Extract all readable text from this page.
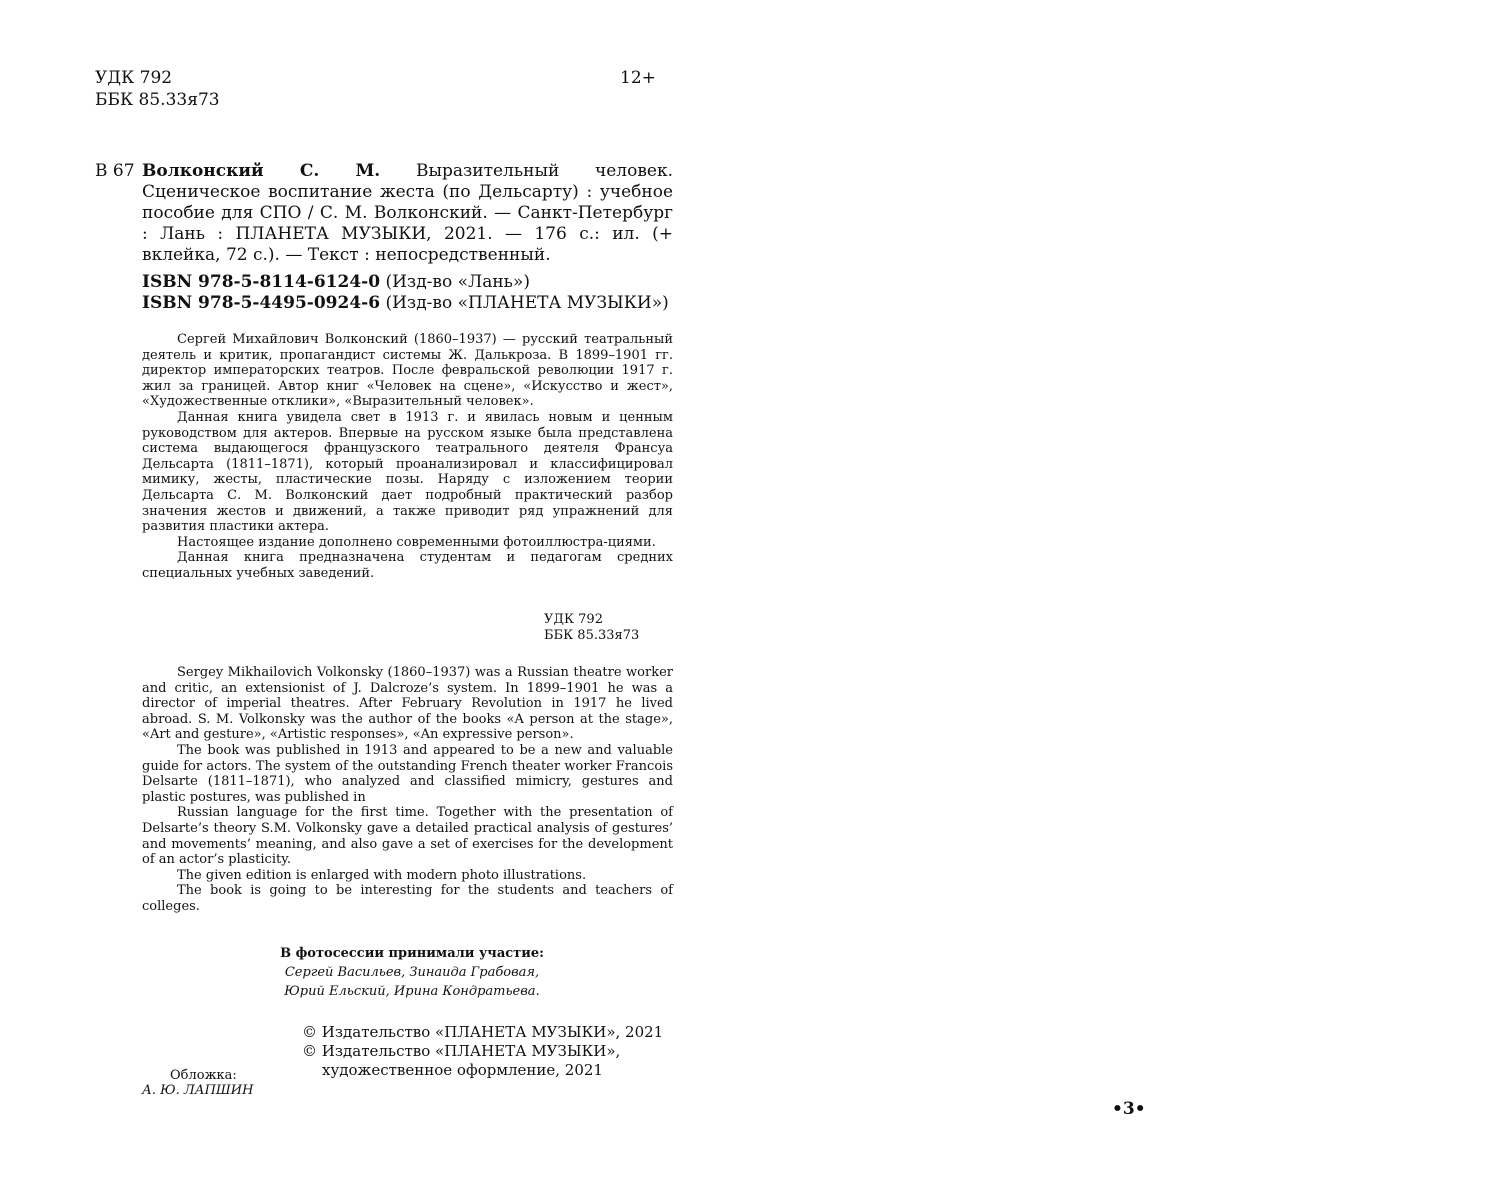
УДК 792
ББК 85.33я73
12+
В 67 Волконский С. М. Выразительный человек. Сценическое воспитание жеста (по Дельсарту) : учебное пособие для СПО / С. М. Волконский. — Санкт-Петербург : Лань : ПЛАНЕТА МУЗЫКИ, 2021. — 176 с.: ил. (+ вклейка, 72 с.). — Текст : непосредственный.
ISBN 978-5-8114-6124-0 (Изд-во «Лань»)
ISBN 978-5-4495-0924-6 (Изд-во «ПЛАНЕТА МУЗЫКИ»)

Сергей Михайлович Волконский (1860–1937) — русский театральный деятель и критик, пропагандист системы Ж. Далькроза. В 1899–1901 гг. директор императорских театров. После февральской революции 1917 г. жил за границей. Автор книг «Человек на сцене», «Искусство и жест», «Художественные отклики», «Выразительный человек».

Данная книга увидела свет в 1913 г. и явилась новым и ценным руководством для актеров. Впервые на русском языке была представлена система выдающегося французского театрального деятеля Франсуа Дельсарта (1811–1871), который проанализировал и классифицировал мимику, жесты, пластические позы. Наряду с изложением теории Дельсарта С. М. Волконский дает подробный практический разбор значения жестов и движений, а также приводит ряд упражнений для развития пластики актера.

Настоящее издание дополнено современными фотоиллюстра-циями.

Данная книга предназначена студентам и педагогам средних специальных учебных заведений.

УДК 792
ББК 85.33я73

Sergey Mikhailovich Volkonsky (1860–1937) was a Russian theatre worker and critic, an extensionist of J. Dalcroze’s system. In 1899–1901 he was a director of imperial theatres. After February Revolution in 1917 he lived abroad. S. M. Volkonsky was the author of the books «A person at the stage», «Art and gesture», «Artistic responses», «An expressive person».

The book was published in 1913 and appeared to be a new and valuable guide for actors. The system of the outstanding French theater worker Francois Delsarte (1811–1871), who analyzed and classified mimicry, gestures and plastic postures, was published in

Russian language for the first time. Together with the presentation of Delsarte’s theory S.M. Volkonsky gave a detailed practical analysis of gestures’ and movements’ meaning, and also gave a set of exercises for the development of an actor’s plasticity.

The given edition is enlarged with modern photo illustrations.

The book is going to be interesting for the students and teachers of colleges.

В фотосессии принимали участие:
Сергей Васильев, Зинаида Грабовая,
Юрий Ельский, Ирина Кондратьева.
© Издательство «ПЛАНЕТА МУЗЫКИ», 2021
© Издательство «ПЛАНЕТА МУЗЫКИ»,
художественное оформление, 2021
Обложка:
А. Ю. ЛАПШИН
•3•
